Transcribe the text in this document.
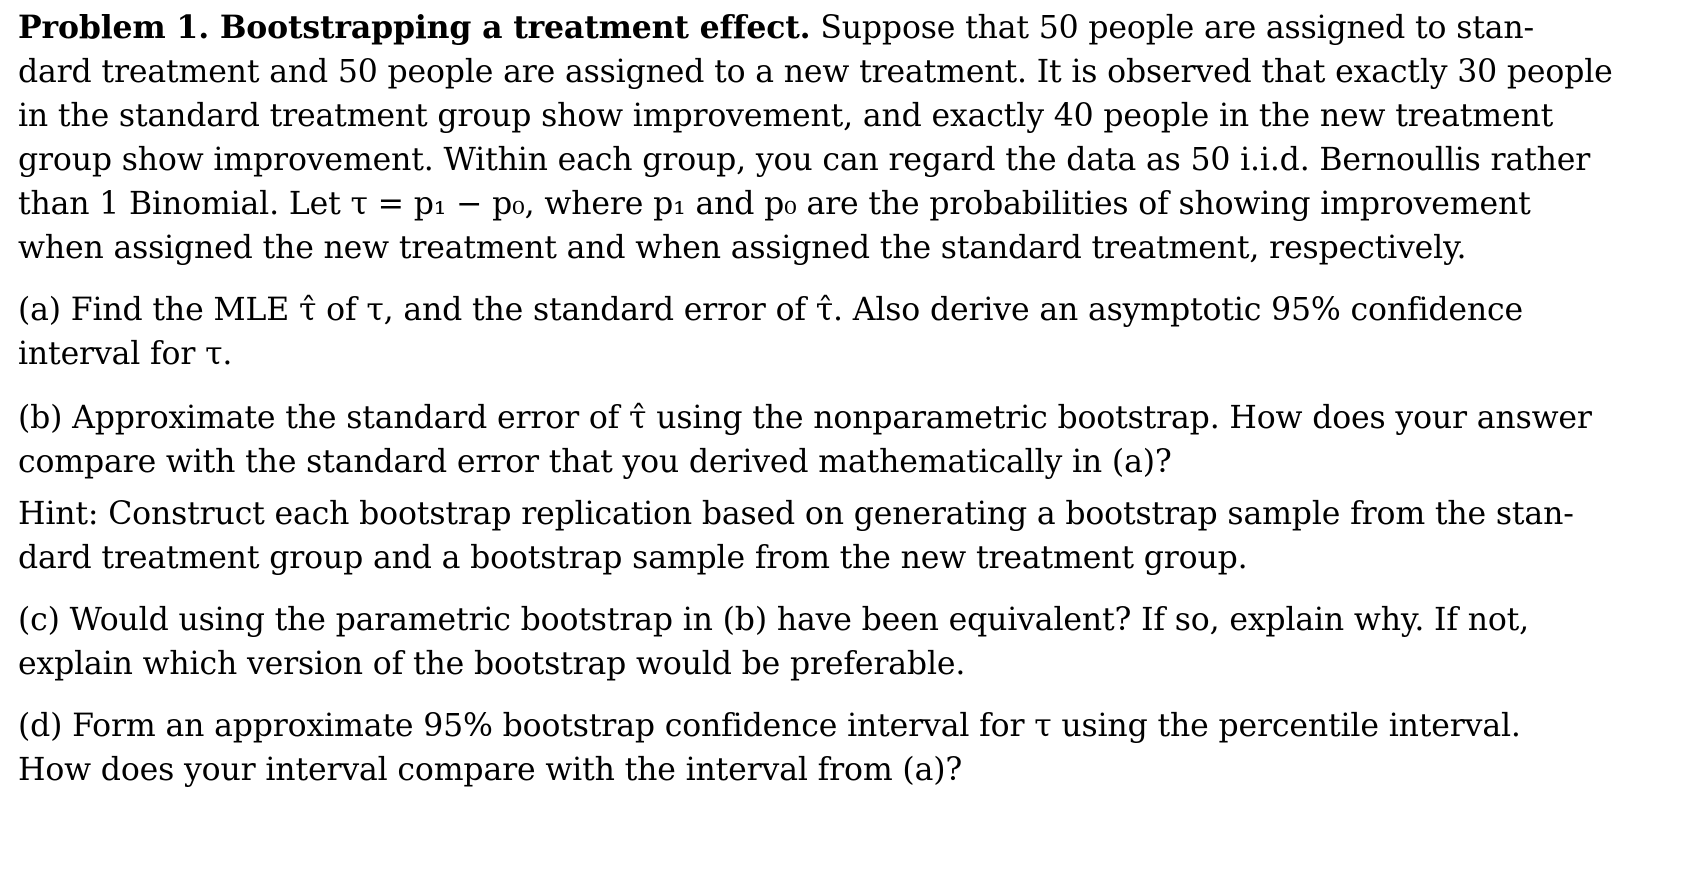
Problem 1. Bootstrapping a treatment effect. Suppose that 50 people are assigned to stan-
dard treatment and 50 people are assigned to a new treatment. It is observed that exactly 30 people
in the standard treatment group show improvement, and exactly 40 people in the new treatment
group show improvement. Within each group, you can regard the data as 50 i.i.d. Bernoullis rather
than 1 Binomial. Let τ = p₁ − p₀, where p₁ and p₀ are the probabilities of showing improvement
when assigned the new treatment and when assigned the standard treatment, respectively.
(a) Find the MLE τ̂ of τ, and the standard error of τ̂. Also derive an asymptotic 95% confidence
interval for τ.
(b) Approximate the standard error of τ̂ using the nonparametric bootstrap. How does your answer
compare with the standard error that you derived mathematically in (a)?
Hint: Construct each bootstrap replication based on generating a bootstrap sample from the stan-
dard treatment group and a bootstrap sample from the new treatment group.
(c) Would using the parametric bootstrap in (b) have been equivalent? If so, explain why. If not,
explain which version of the bootstrap would be preferable.
(d) Form an approximate 95% bootstrap confidence interval for τ using the percentile interval.
How does your interval compare with the interval from (a)?
